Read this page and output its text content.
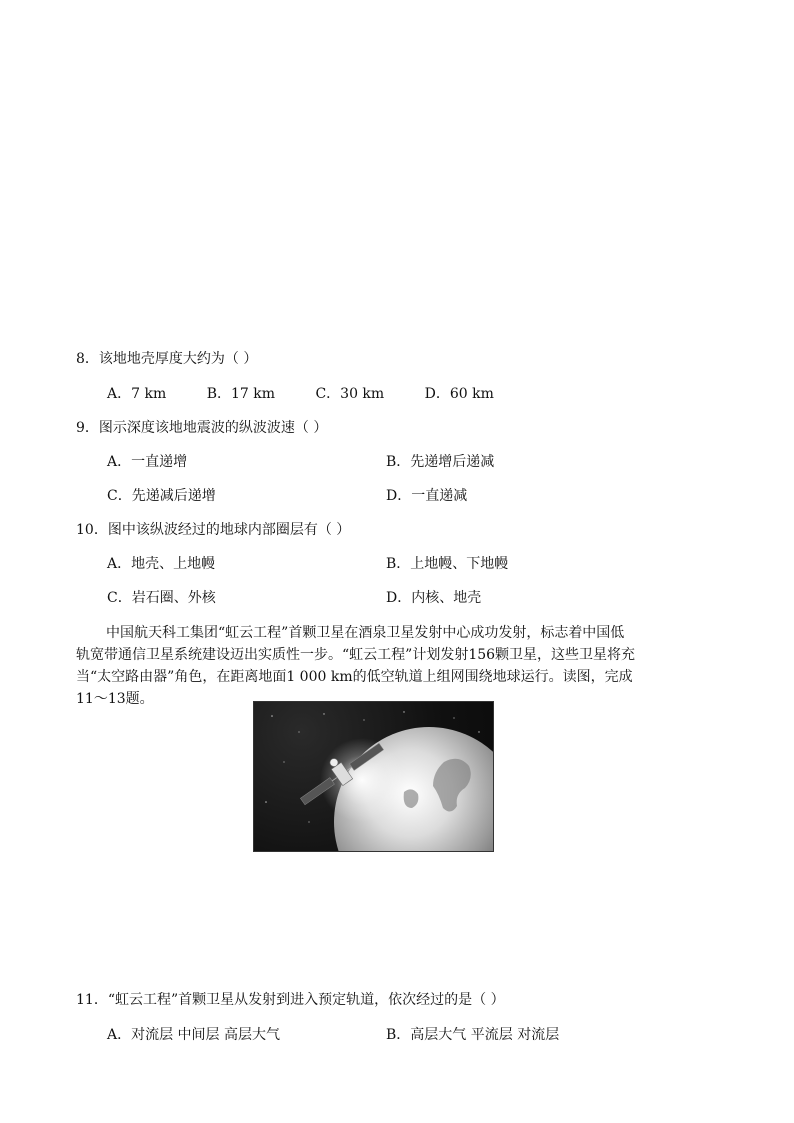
8．该地地壳厚度大约为（ ）
A．7 km	B．17 km	C．30 km	D．60 km
9．图示深度该地地震波的纵波波速（ ）
A．一直递增	B．先递增后递减
C．先递减后递增	D．一直递减
10．图中该纵波经过的地球内部圈层有（ ）
A．地壳、上地幔	B．上地幔、下地幔
C．岩石圈、外核	D．内核、地壳

中国航天科工集团“虹云工程”首颗卫星在酒泉卫星发射中心成功发射，标志着中国低

轨宽带通信卫星系统建设迈出实质性一步。“虹云工程”计划发射156颗卫星，这些卫星将充

当“太空路由器”角色，在距离地面1 000 km的低空轨道上组网围绕地球运行。读图，完成

11～13题。

11．“虹云工程”首颗卫星从发射到进入预定轨道，依次经过的是（ ）
A．对流层 中间层 高层大气	B．高层大气 平流层 对流层
